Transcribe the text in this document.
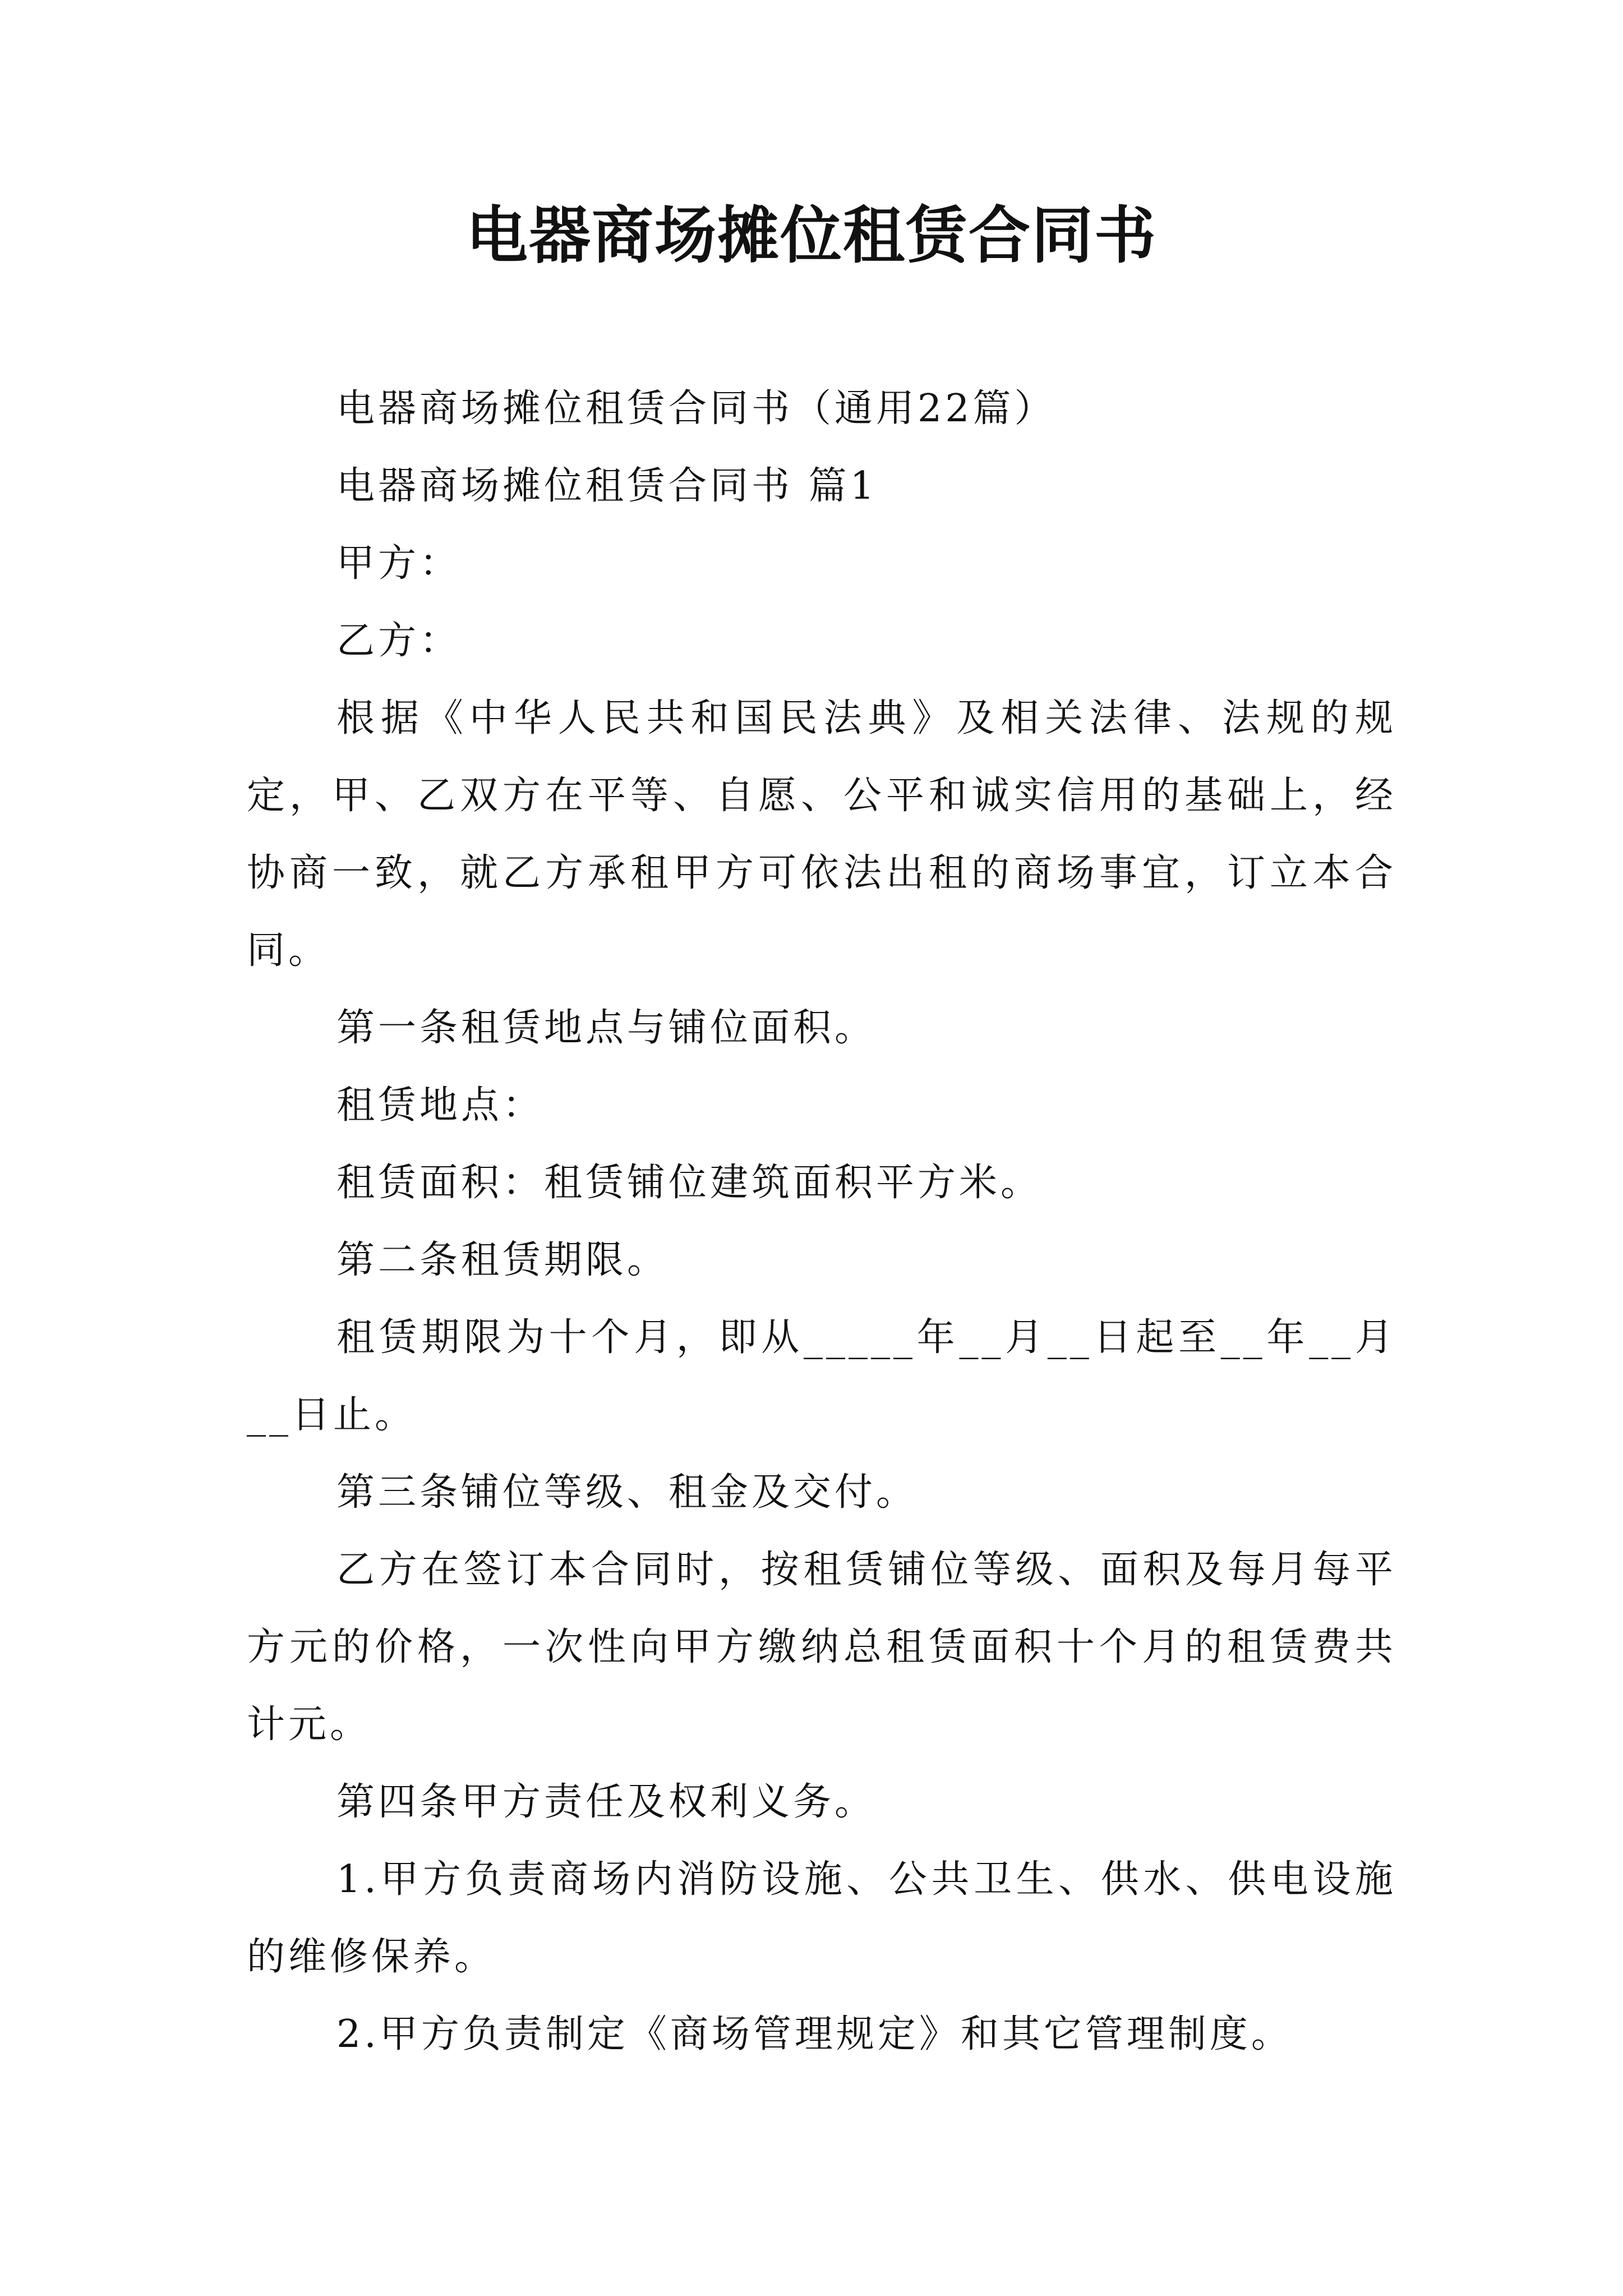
电器商场摊位租赁合同书

电器商场摊位租赁合同书（通用22篇）

电器商场摊位租赁合同书 篇1

甲方：

乙方：

根据《中华人民共和国民法典》及相关法律、法规的规定，甲、乙双方在平等、自愿、公平和诚实信用的基础上，经协商一致，就乙方承租甲方可依法出租的商场事宜，订立本合同。

第一条租赁地点与铺位面积。

租赁地点：

租赁面积：租赁铺位建筑面积平方米。

第二条租赁期限。

租赁期限为十个月，即从_____年__月__日起至__年__月__日止。

第三条铺位等级、租金及交付。

乙方在签订本合同时，按租赁铺位等级、面积及每月每平方元的价格，一次性向甲方缴纳总租赁面积十个月的租赁费共计元。

第四条甲方责任及权利义务。

1.甲方负责商场内消防设施、公共卫生、供水、供电设施的维修保养。

2.甲方负责制定《商场管理规定》和其它管理制度。
